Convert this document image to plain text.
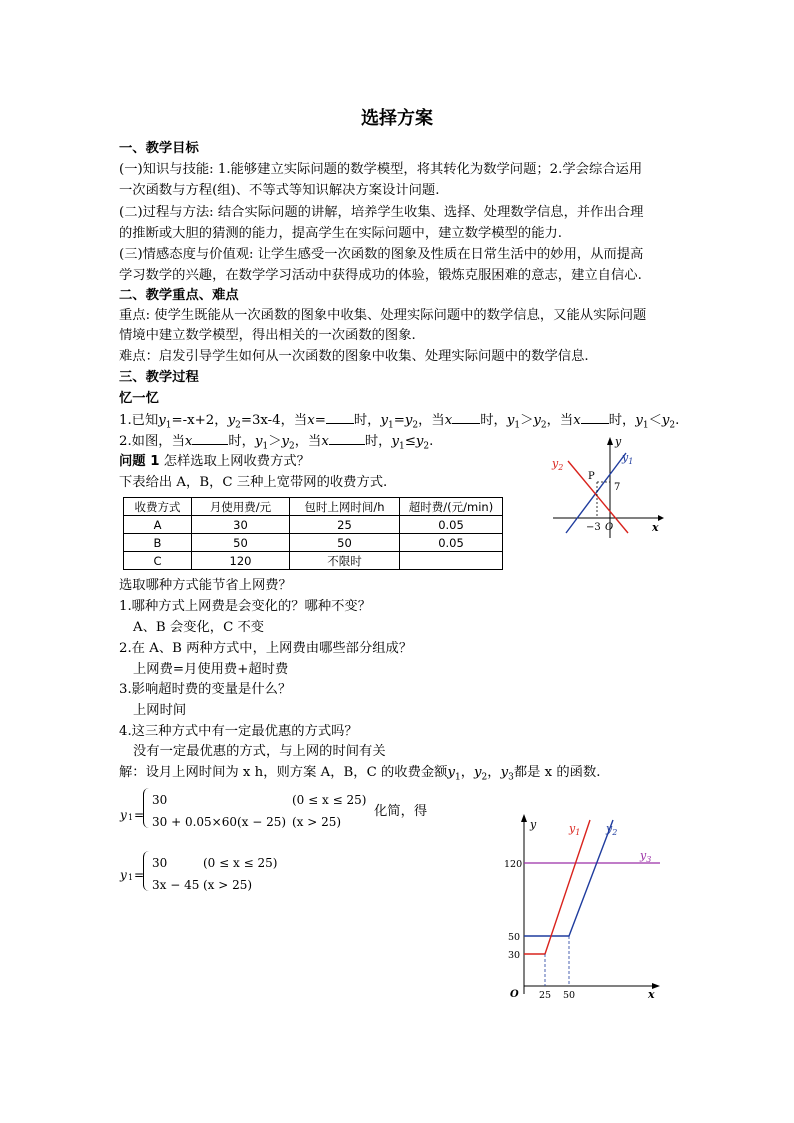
选择方案
一、教学目标
(一)知识与技能: 1.能够建立实际问题的数学模型，将其转化为数学问题；2.学会综合运用
一次函数与方程(组)、不等式等知识解决方案设计问题.
(二)过程与方法: 结合实际问题的讲解，培养学生收集、选择、处理数学信息，并作出合理
的推断或大胆的猜测的能力，提高学生在实际问题中，建立数学模型的能力.
(三)情感态度与价值观: 让学生感受一次函数的图象及性质在日常生活中的妙用，从而提高
学习数学的兴趣，在数学学习活动中获得成功的体验，锻炼克服困难的意志，建立自信心.
二、教学重点、难点
重点: 使学生既能从一次函数的图象中收集、处理实际问题中的数学信息，又能从实际问题
情境中建立数学模型，得出相关的一次函数的图象.
难点：启发引导学生如何从一次函数的图象中收集、处理实际问题中的数学信息.
三、教学过程
忆一忆
1.已知$y_1=-x+2$，$y_2=3x-4$，当x= 时，$y_1=y_2$，当x 时，$y_1>y_2$，当x 时，$y_1<y_2$.
2.如图，当x	时，$y_1>y_2$，当x	时，$y_1\le y_2$.
问题 1 怎样选取上网收费方式？
下表给出 A，B，C 三种上宽带网的收费方式.
y
x
$y_1$
$y_2$
P
7
−3 O
收费方式	月使用费/元	包时上网时间/h	超时费/(元/min)
A	30	25	0.05
B	50	50	0.05
C	120	不限时	
选取哪种方式能节省上网费？
1.哪种方式上网费是会变化的？哪种不变？
A、B 会变化，C 不变
2.在 A、B 两种方式中，上网费由哪些部分组成？
上网费=月使用费+超时费
3.影响超时费的变量是什么？
上网时间
4.这三种方式中有一定最优惠的方式吗？
没有一定最优惠的方式，与上网的时间有关
解：设月上网时间为 x h，则方案 A，B，C 的收费金额$y_1$，$y_2$，$y_3$都是 x 的函数.
y 1 =
30	(0 ≤ x ≤ 25)
30 + 0.05×60(x − 25) (x > 25)
化简，得
y 1 =
30	(0 ≤ x ≤ 25)
3x − 45 (x > 25)
y
x
O
120
50
30
25 50
$y_1$ $y_2$
$y_3$
